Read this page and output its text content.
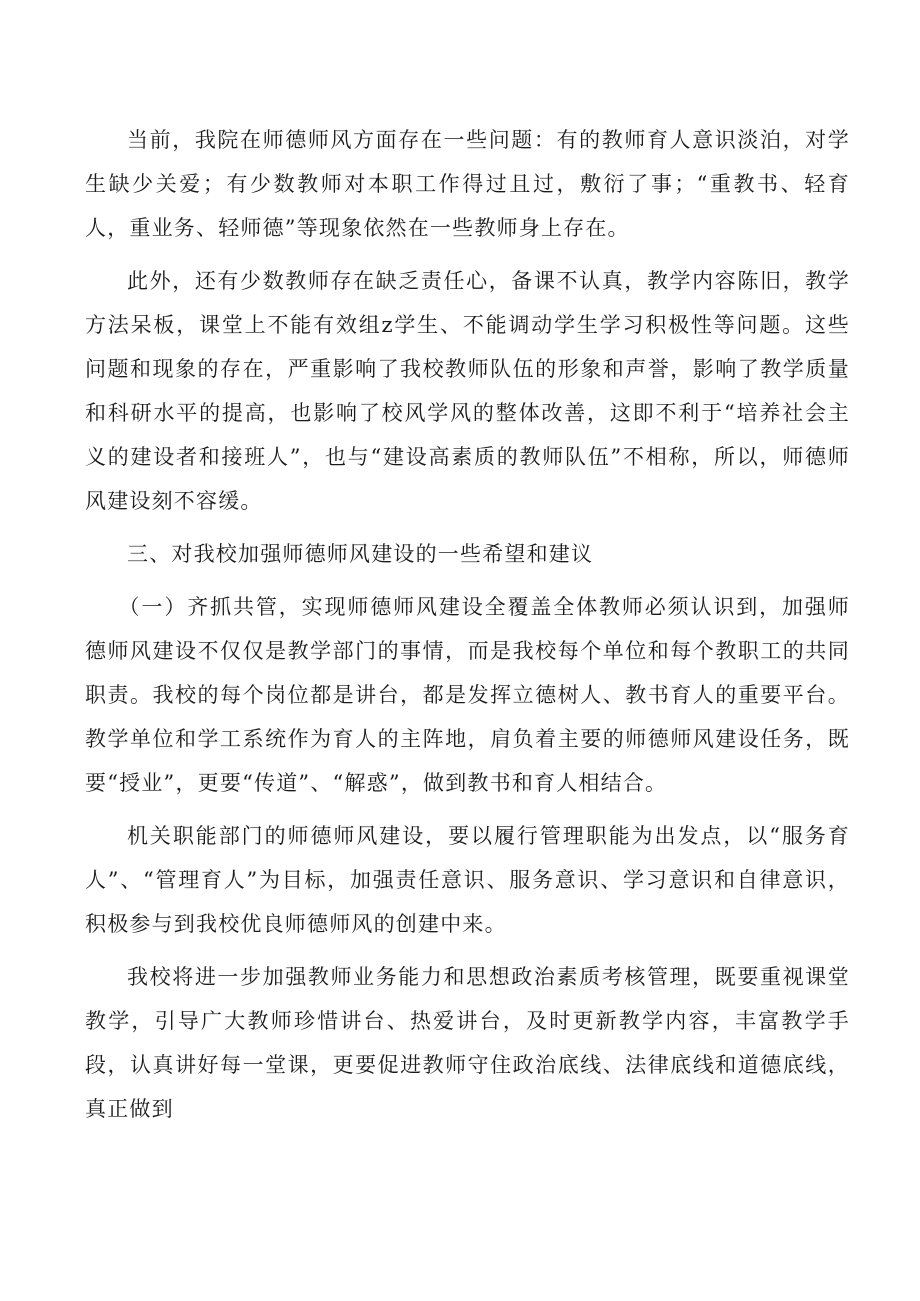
当前，我院在师德师风方面存在一些问题：有的教师育人意识淡泊，对学生缺少关爱；有少数教师对本职工作得过且过，敷衍了事；“重教书、轻育人，重业务、轻师德”等现象依然在一些教师身上存在。

此外，还有少数教师存在缺乏责任心，备课不认真，教学内容陈旧，教学方法呆板，课堂上不能有效组z学生、不能调动学生学习积极性等问题。这些问题和现象的存在，严重影响了我校教师队伍的形象和声誉，影响了教学质量和科研水平的提高，也影响了校风学风的整体改善，这即不利于“培养社会主义的建设者和接班人”，也与“建设高素质的教师队伍”不相称，所以，师德师风建设刻不容缓。

三、对我校加强师德师风建设的一些希望和建议

（一）齐抓共管，实现师德师风建设全覆盖全体教师必须认识到，加强师德师风建设不仅仅是教学部门的事情，而是我校每个单位和每个教职工的共同职责。我校的每个岗位都是讲台，都是发挥立德树人、教书育人的重要平台。教学单位和学工系统作为育人的主阵地，肩负着主要的师德师风建设任务，既要“授业”，更要“传道”、“解惑”，做到教书和育人相结合。

机关职能部门的师德师风建设，要以履行管理职能为出发点，以“服务育人”、“管理育人”为目标，加强责任意识、服务意识、学习意识和自律意识，积极参与到我校优良师德师风的创建中来。

我校将进一步加强教师业务能力和思想政治素质考核管理，既要重视课堂教学，引导广大教师珍惜讲台、热爱讲台，及时更新教学内容，丰富教学手段，认真讲好每一堂课，更要促进教师守住政治底线、法律底线和道德底线，真正做到
